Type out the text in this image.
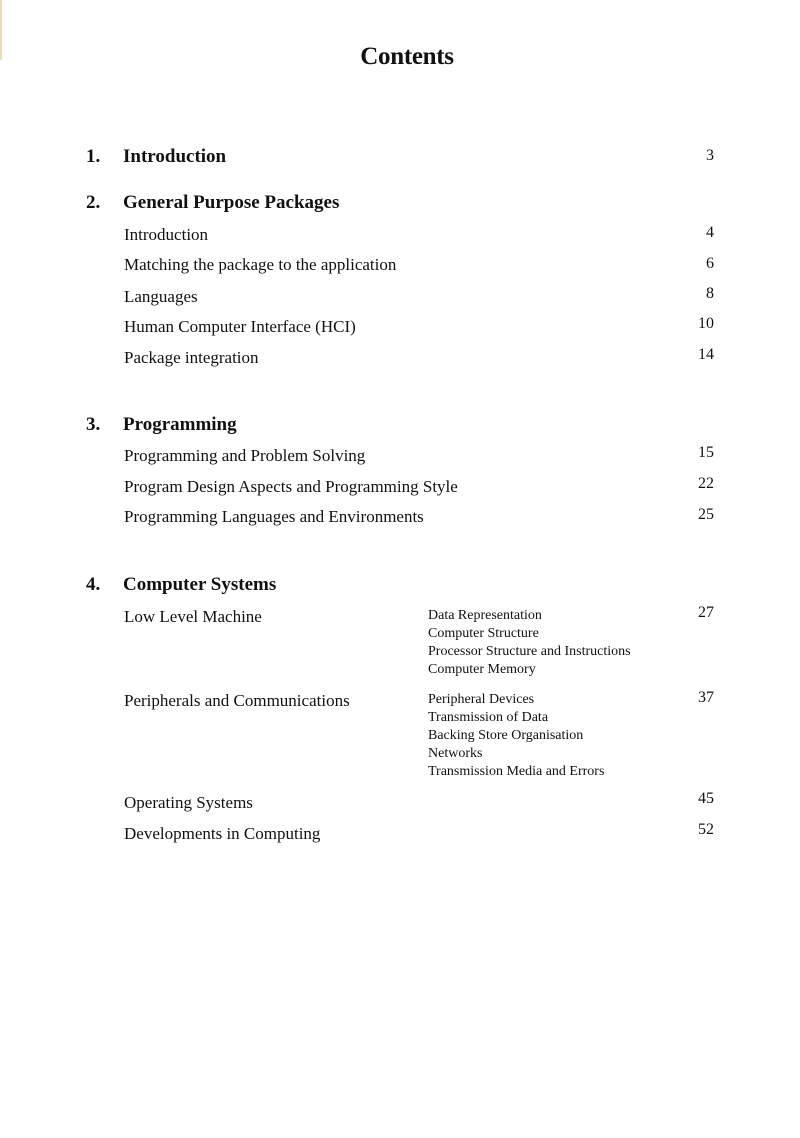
Contents
1. Introduction	3
2. General Purpose Packages
Introduction	4
Matching the package to the application	6
Languages	8
Human Computer Interface (HCI)	10
Package integration	14
3. Programming
Programming and Problem Solving	15
Program Design Aspects and Programming Style	22
Programming Languages and Environments	25
4. Computer Systems
Low Level Machine	27
Data Representation
Computer Structure
Processor Structure and Instructions
Computer Memory
Peripherals and Communications	37
Peripheral Devices
Transmission of Data
Backing Store Organisation
Networks
Transmission Media and Errors
Operating Systems	45
Developments in Computing	52
